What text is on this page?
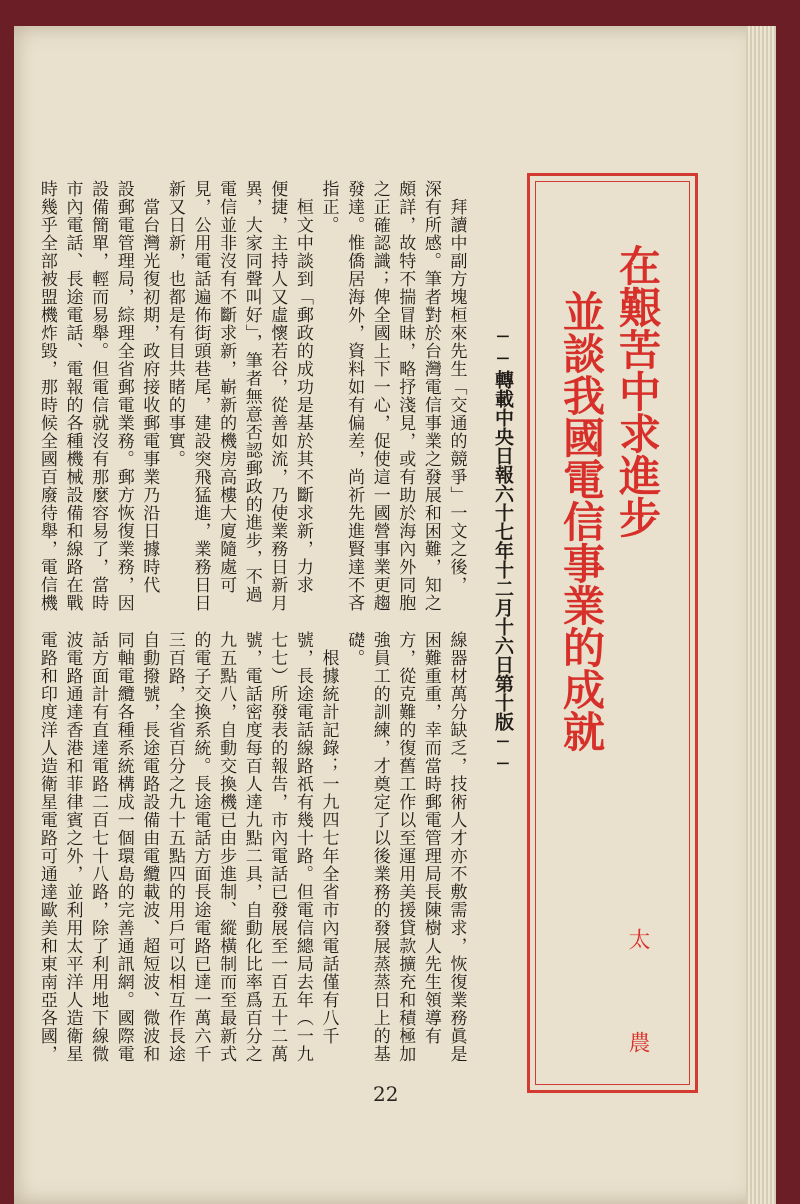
在艱苦中求進步
並談我國電信事業的成就
太 農
──轉載中央日報六十七年十二月十六日第十版──

　拜讀中副方塊桓來先生「交通的競爭」一文之後，

深有所感。筆者對於台灣電信事業之發展和困難，知之

頗詳，故特不揣冒昧，略抒淺見，或有助於海內外同胞

之正確認識；俾全國上下一心，促使這一國營事業更趨

發達。惟僑居海外，資料如有偏差，尚祈先進賢達不吝

指正。

　桓文中談到「郵政的成功是基於其不斷求新，力求

便捷，主持人又虛懷若谷，從善如流，乃使業務日新月

異，大家同聲叫好」，筆者無意否認郵政的進步，不過

電信並非沒有不斷求新，嶄新的機房高樓大廈隨處可

見，公用電話遍佈街頭巷尾，建設突飛猛進，業務日日

新又日新，也都是有目共睹的事實。

　當台灣光復初期，政府接收郵電事業乃沿日據時代

設郵電管理局，綜理全省郵電業務。郵方恢復業務，因

設備簡單，輕而易舉。但電信就沒有那麼容易了，當時

市內電話、長途電話、電報的各種機械設備和線路在戰

時幾乎全部被盟機炸毀，那時候全國百廢待舉，電信機

線器材萬分缺乏，技術人才亦不敷需求，恢復業務眞是

困難重重，幸而當時郵電管理局長陳樹人先生領導有

方，從克難的復舊工作以至運用美援貸款擴充和積極加

強員工的訓練，才奠定了以後業務的發展蒸蒸日上的基

礎。

　根據統計記錄；一九四七年全省市內電話僅有八千

號，長途電話線路祇有幾十路。但電信總局去年（一九

七七）所發表的報告，市內電話已發展至一百五十二萬

號，電話密度每百人達九點二具，自動化比率爲百分之

九五點八，自動交換機已由步進制、縱橫制而至最新式

的電子交換系統。長途電話方面長途電路已達一萬六千

三百路，全省百分之九十五點四的用戶可以相互作長途

自動撥號，長途電路設備由電纜載波、超短波、微波和

同軸電纜各種系統構成一個環島的完善通訊網。國際電

話方面計有直達電路二百七十八路，除了利用地下線微

波電路通達香港和菲律賓之外，並利用太平洋人造衛星

電路和印度洋人造衛星電路可通達歐美和東南亞各國，

22
